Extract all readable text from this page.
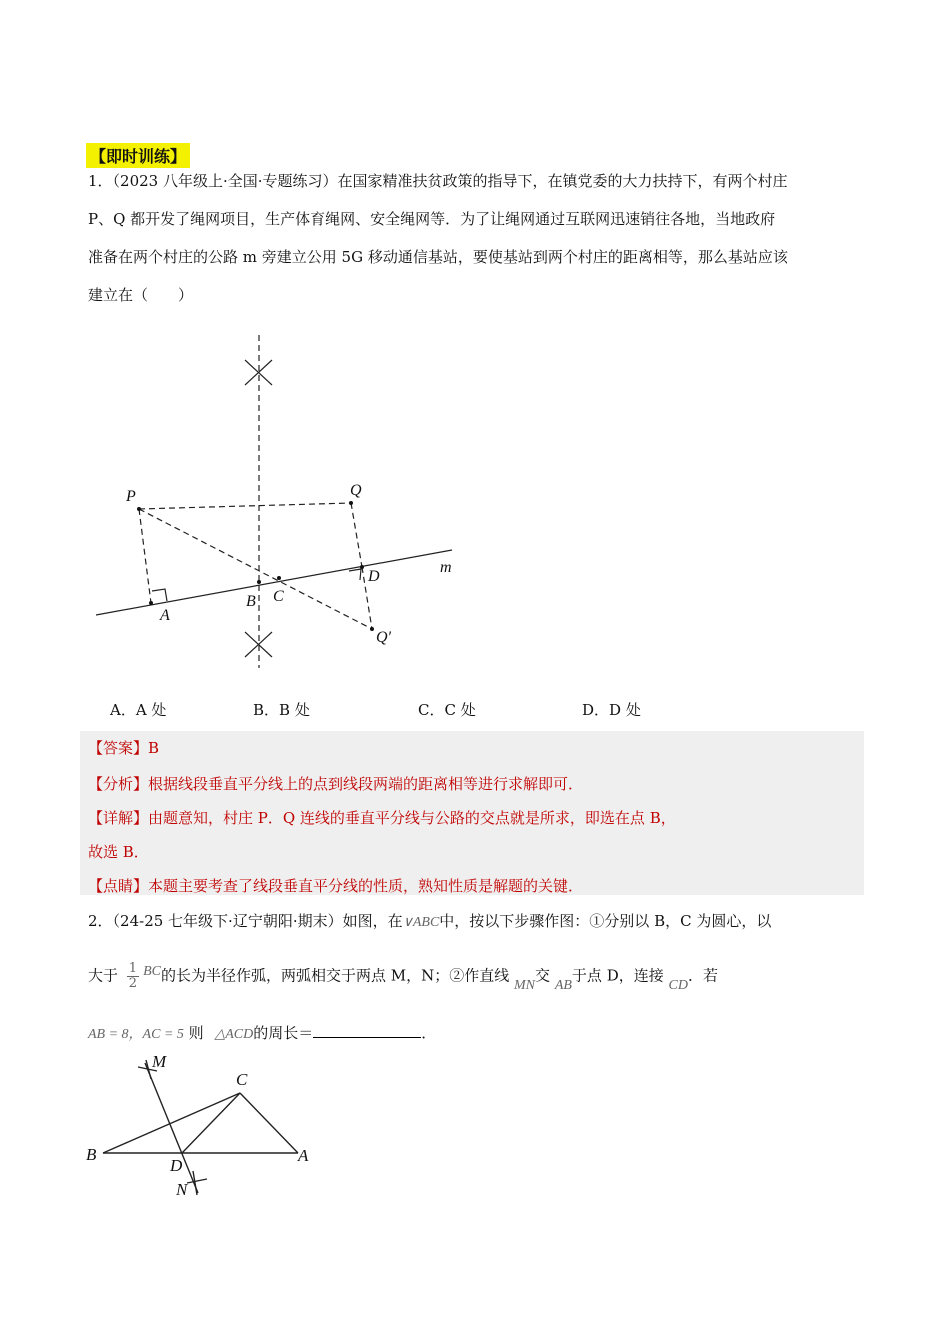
【即时训练】
1．（2023 八年级上·全国·专题练习）在国家精准扶贫政策的指导下，在镇党委的大力扶持下，有两个村庄
P、Q 都开发了绳网项目，生产体育绳网、安全绳网等．为了让绳网通过互联网迅速销往各地，当地政府
准备在两个村庄的公路 m 旁建立公用 5G 移动通信基站，要使基站到两个村庄的距离相等，那么基站应该
建立在（　　）
P	Q
Q′
A
B C
D
m
A．A 处	B．B 处	C．C 处	D．D 处
【答案】B
【分析】根据线段垂直平分线上的点到线段两端的距离相等进行求解即可．
【详解】由题意知，村庄 P．Q 连线的垂直平分线与公路的交点就是所求，即选在点 B，
故选 B．
【点睛】本题主要考查了线段垂直平分线的性质，熟知性质是解题的关键．
2．（24-25 七年级下·辽宁朝阳·期末）如图，在∨ABC中，按以下步骤作图：①分别以 B，C 为圆心，以
大于 $\frac{1}{2}$ BC的长为半径作弧，两弧相交于两点 M，N；②作直线 MN交 AB于点 D，连接 CD．若
AB = 8，AC = 5 则 △ACD的周长＝	．
M
N
B
C
D
A
